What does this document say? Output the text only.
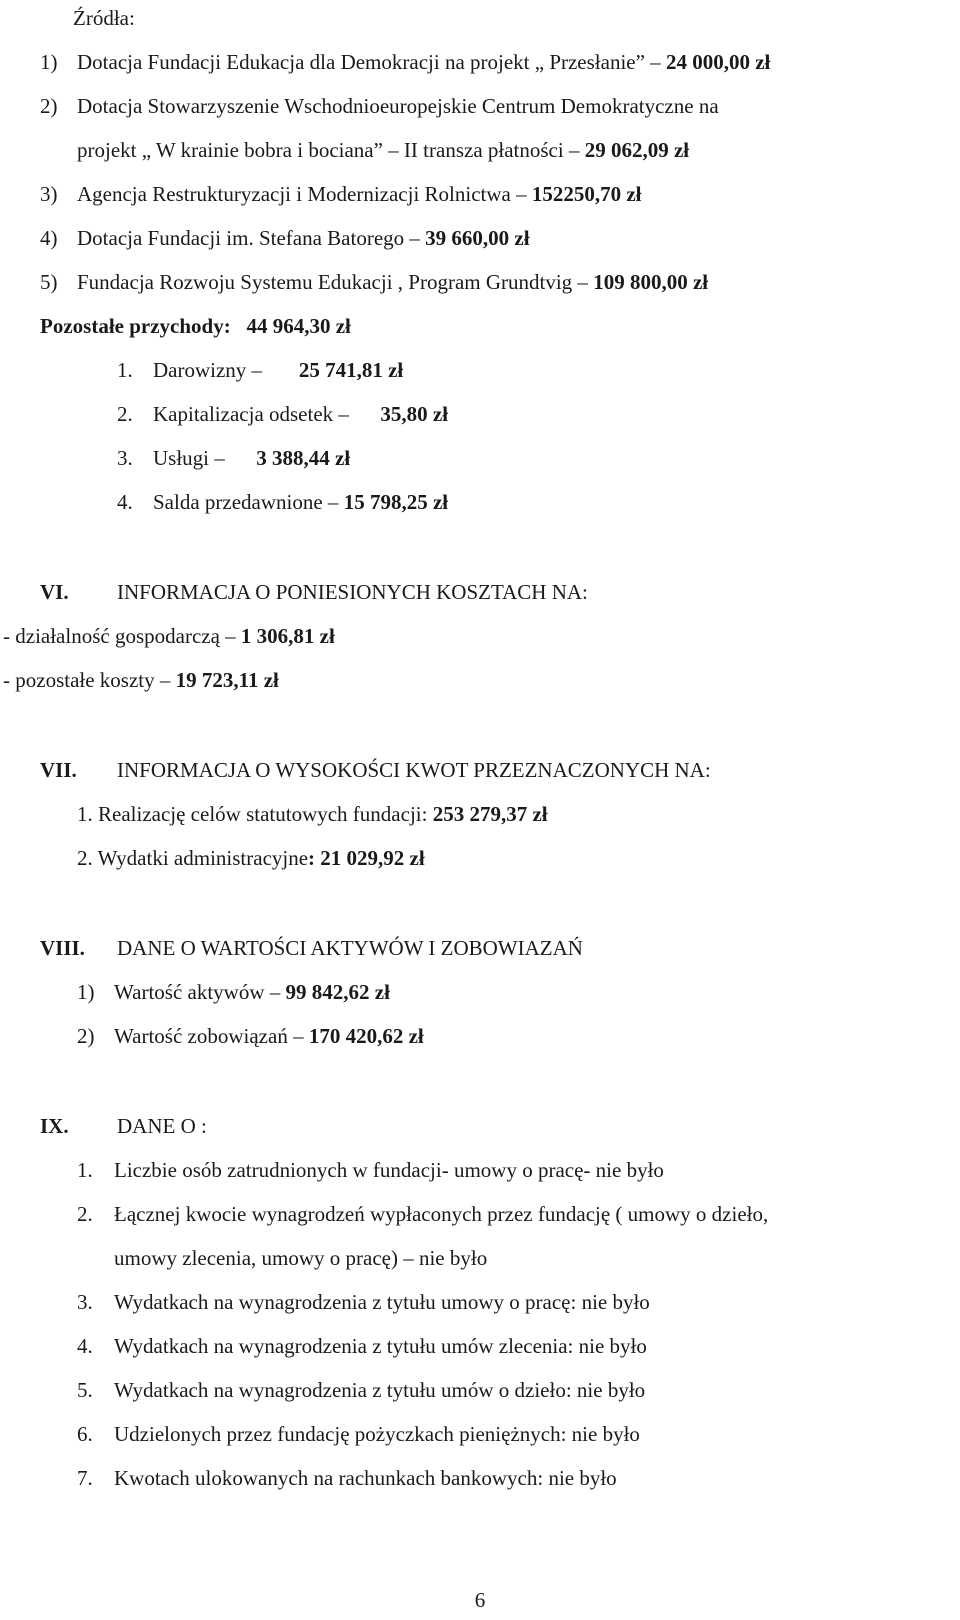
Źródła:
1) Dotacja Fundacji Edukacja dla Demokracji na projekt „ Przesłanie” – 24 000,00 zł
2) Dotacja Stowarzyszenie Wschodnioeuropejskie Centrum Demokratyczne na
projekt „ W krainie bobra i bociana” – II transza płatności – 29 062,09 zł
3) Agencja Restrukturyzacji i Modernizacji Rolnictwa – 152250,70 zł
4) Dotacja Fundacji im. Stefana Batorego – 39 660,00 zł
5) Fundacja Rozwoju Systemu Edukacji , Program Grundtvig – 109 800,00 zł
Pozostałe przychody: 44 964,30 zł
1. Darowizny –       25 741,81 zł
2. Kapitalizacja odsetek –      35,80 zł
3. Usługi –      3 388,44 zł
4. Salda przedawnione – 15 798,25 zł
VI. INFORMACJA O PONIESIONYCH KOSZTACH NA:
- działalność gospodarczą – 1 306,81 zł
- pozostałe koszty – 19 723,11 zł
VII. INFORMACJA O WYSOKOŚCI KWOT PRZEZNACZONYCH NA:
1. Realizację celów statutowych fundacji: 253 279,37 zł
2. Wydatki administracyjne: 21 029,92 zł
VIII. DANE O WARTOŚCI AKTYWÓW I ZOBOWIAZAŃ
1) Wartość aktywów – 99 842,62 zł
2) Wartość zobowiązań – 170 420,62 zł
IX. DANE O :
1. Liczbie osób zatrudnionych w fundacji- umowy o pracę- nie było
2. Łącznej kwocie wynagrodzeń wypłaconych przez fundację ( umowy o dzieło,
umowy zlecenia, umowy o pracę) – nie było
3. Wydatkach na wynagrodzenia z tytułu umowy o pracę: nie było
4. Wydatkach na wynagrodzenia z tytułu umów zlecenia: nie było
5. Wydatkach na wynagrodzenia z tytułu umów o dzieło: nie było
6. Udzielonych przez fundację pożyczkach pieniężnych: nie było
7. Kwotach ulokowanych na rachunkach bankowych: nie było
6
